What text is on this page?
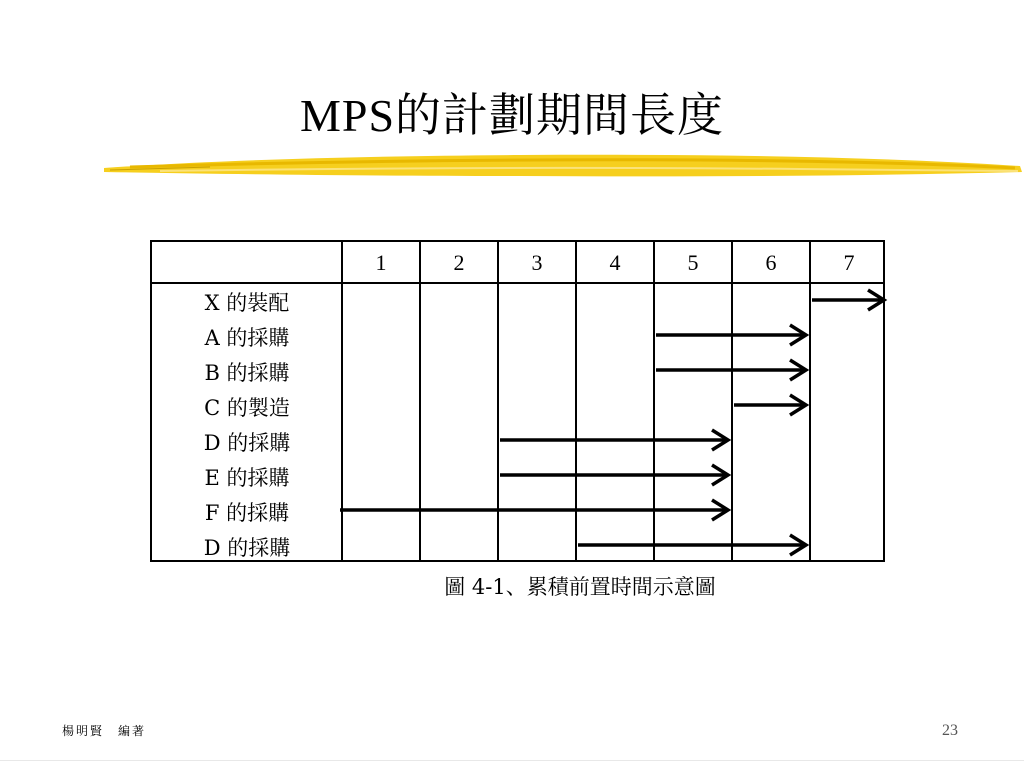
MPS的計劃期間長度
1	2	3	4	5	6	7
X 的裝配
A 的採購
B 的採購
C 的製造
D 的採購
E 的採購
F 的採購
D 的採購
圖 4-1、累積前置時間示意圖
楊明賢　編著	23
